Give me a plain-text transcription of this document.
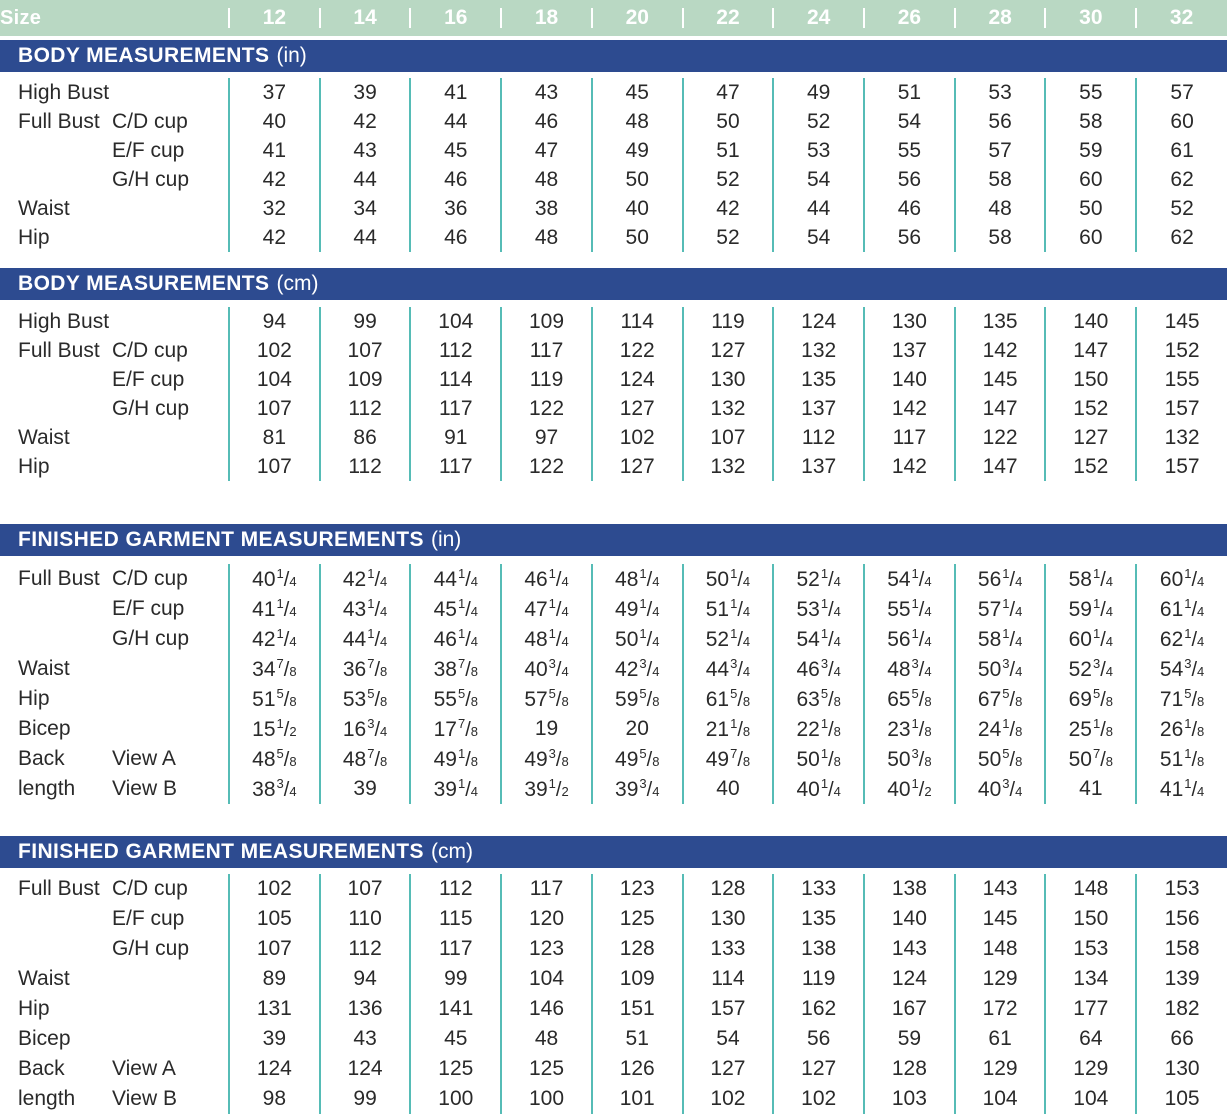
Size	12	14	16	18	20	22	24	26	28	30	32
BODY MEASUREMENTS (in)
High Bust		37	39	41	43	45	47	49	51	53	55	57
Full Bust	C/D cup	40	42	44	46	48	50	52	54	56	58	60
	E/F cup	41	43	45	47	49	51	53	55	57	59	61
	G/H cup	42	44	46	48	50	52	54	56	58	60	62
Waist		32	34	36	38	40	42	44	46	48	50	52
Hip		42	44	46	48	50	52	54	56	58	60	62
BODY MEASUREMENTS (cm)
High Bust		94	99	104	109	114	119	124	130	135	140	145
Full Bust	C/D cup	102	107	112	117	122	127	132	137	142	147	152
	E/F cup	104	109	114	119	124	130	135	140	145	150	155
	G/H cup	107	112	117	122	127	132	137	142	147	152	157
Waist		81	86	91	97	102	107	112	117	122	127	132
Hip		107	112	117	122	127	132	137	142	147	152	157
FINISHED GARMENT MEASUREMENTS (in)
Full Bust	C/D cup	40$^1$/4	42$^1$/4	44$^1$/4	46$^1$/4	48$^1$/4	50$^1$/4	52$^1$/4	54$^1$/4	56$^1$/4	58$^1$/4	60$^1$/4
	E/F cup	41$^1$/4	43$^1$/4	45$^1$/4	47$^1$/4	49$^1$/4	51$^1$/4	53$^1$/4	55$^1$/4	57$^1$/4	59$^1$/4	61$^1$/4
	G/H cup	42$^1$/4	44$^1$/4	46$^1$/4	48$^1$/4	50$^1$/4	52$^1$/4	54$^1$/4	56$^1$/4	58$^1$/4	60$^1$/4	62$^1$/4
Waist		34$^7$/8	36$^7$/8	38$^7$/8	40$^3$/4	42$^3$/4	44$^3$/4	46$^3$/4	48$^3$/4	50$^3$/4	52$^3$/4	54$^3$/4
Hip		51$^5$/8	53$^5$/8	55$^5$/8	57$^5$/8	59$^5$/8	61$^5$/8	63$^5$/8	65$^5$/8	67$^5$/8	69$^5$/8	71$^5$/8
Bicep		15$^1$/2	16$^3$/4	17$^7$/8	19	20	21$^1$/8	22$^1$/8	23$^1$/8	24$^1$/8	25$^1$/8	26$^1$/8
Back	View A	48$^5$/8	48$^7$/8	49$^1$/8	49$^3$/8	49$^5$/8	49$^7$/8	50$^1$/8	50$^3$/8	50$^5$/8	50$^7$/8	51$^1$/8
length	View B	38$^3$/4	39	39$^1$/4	39$^1$/2	39$^3$/4	40	40$^1$/4	40$^1$/2	40$^3$/4	41	41$^1$/4
FINISHED GARMENT MEASUREMENTS (cm)
Full Bust	C/D cup	102	107	112	117	123	128	133	138	143	148	153
	E/F cup	105	110	115	120	125	130	135	140	145	150	156
	G/H cup	107	112	117	123	128	133	138	143	148	153	158
Waist		89	94	99	104	109	114	119	124	129	134	139
Hip		131	136	141	146	151	157	162	167	172	177	182
Bicep		39	43	45	48	51	54	56	59	61	64	66
Back	View A	124	124	125	125	126	127	127	128	129	129	130
length	View B	98	99	100	100	101	102	102	103	104	104	105
